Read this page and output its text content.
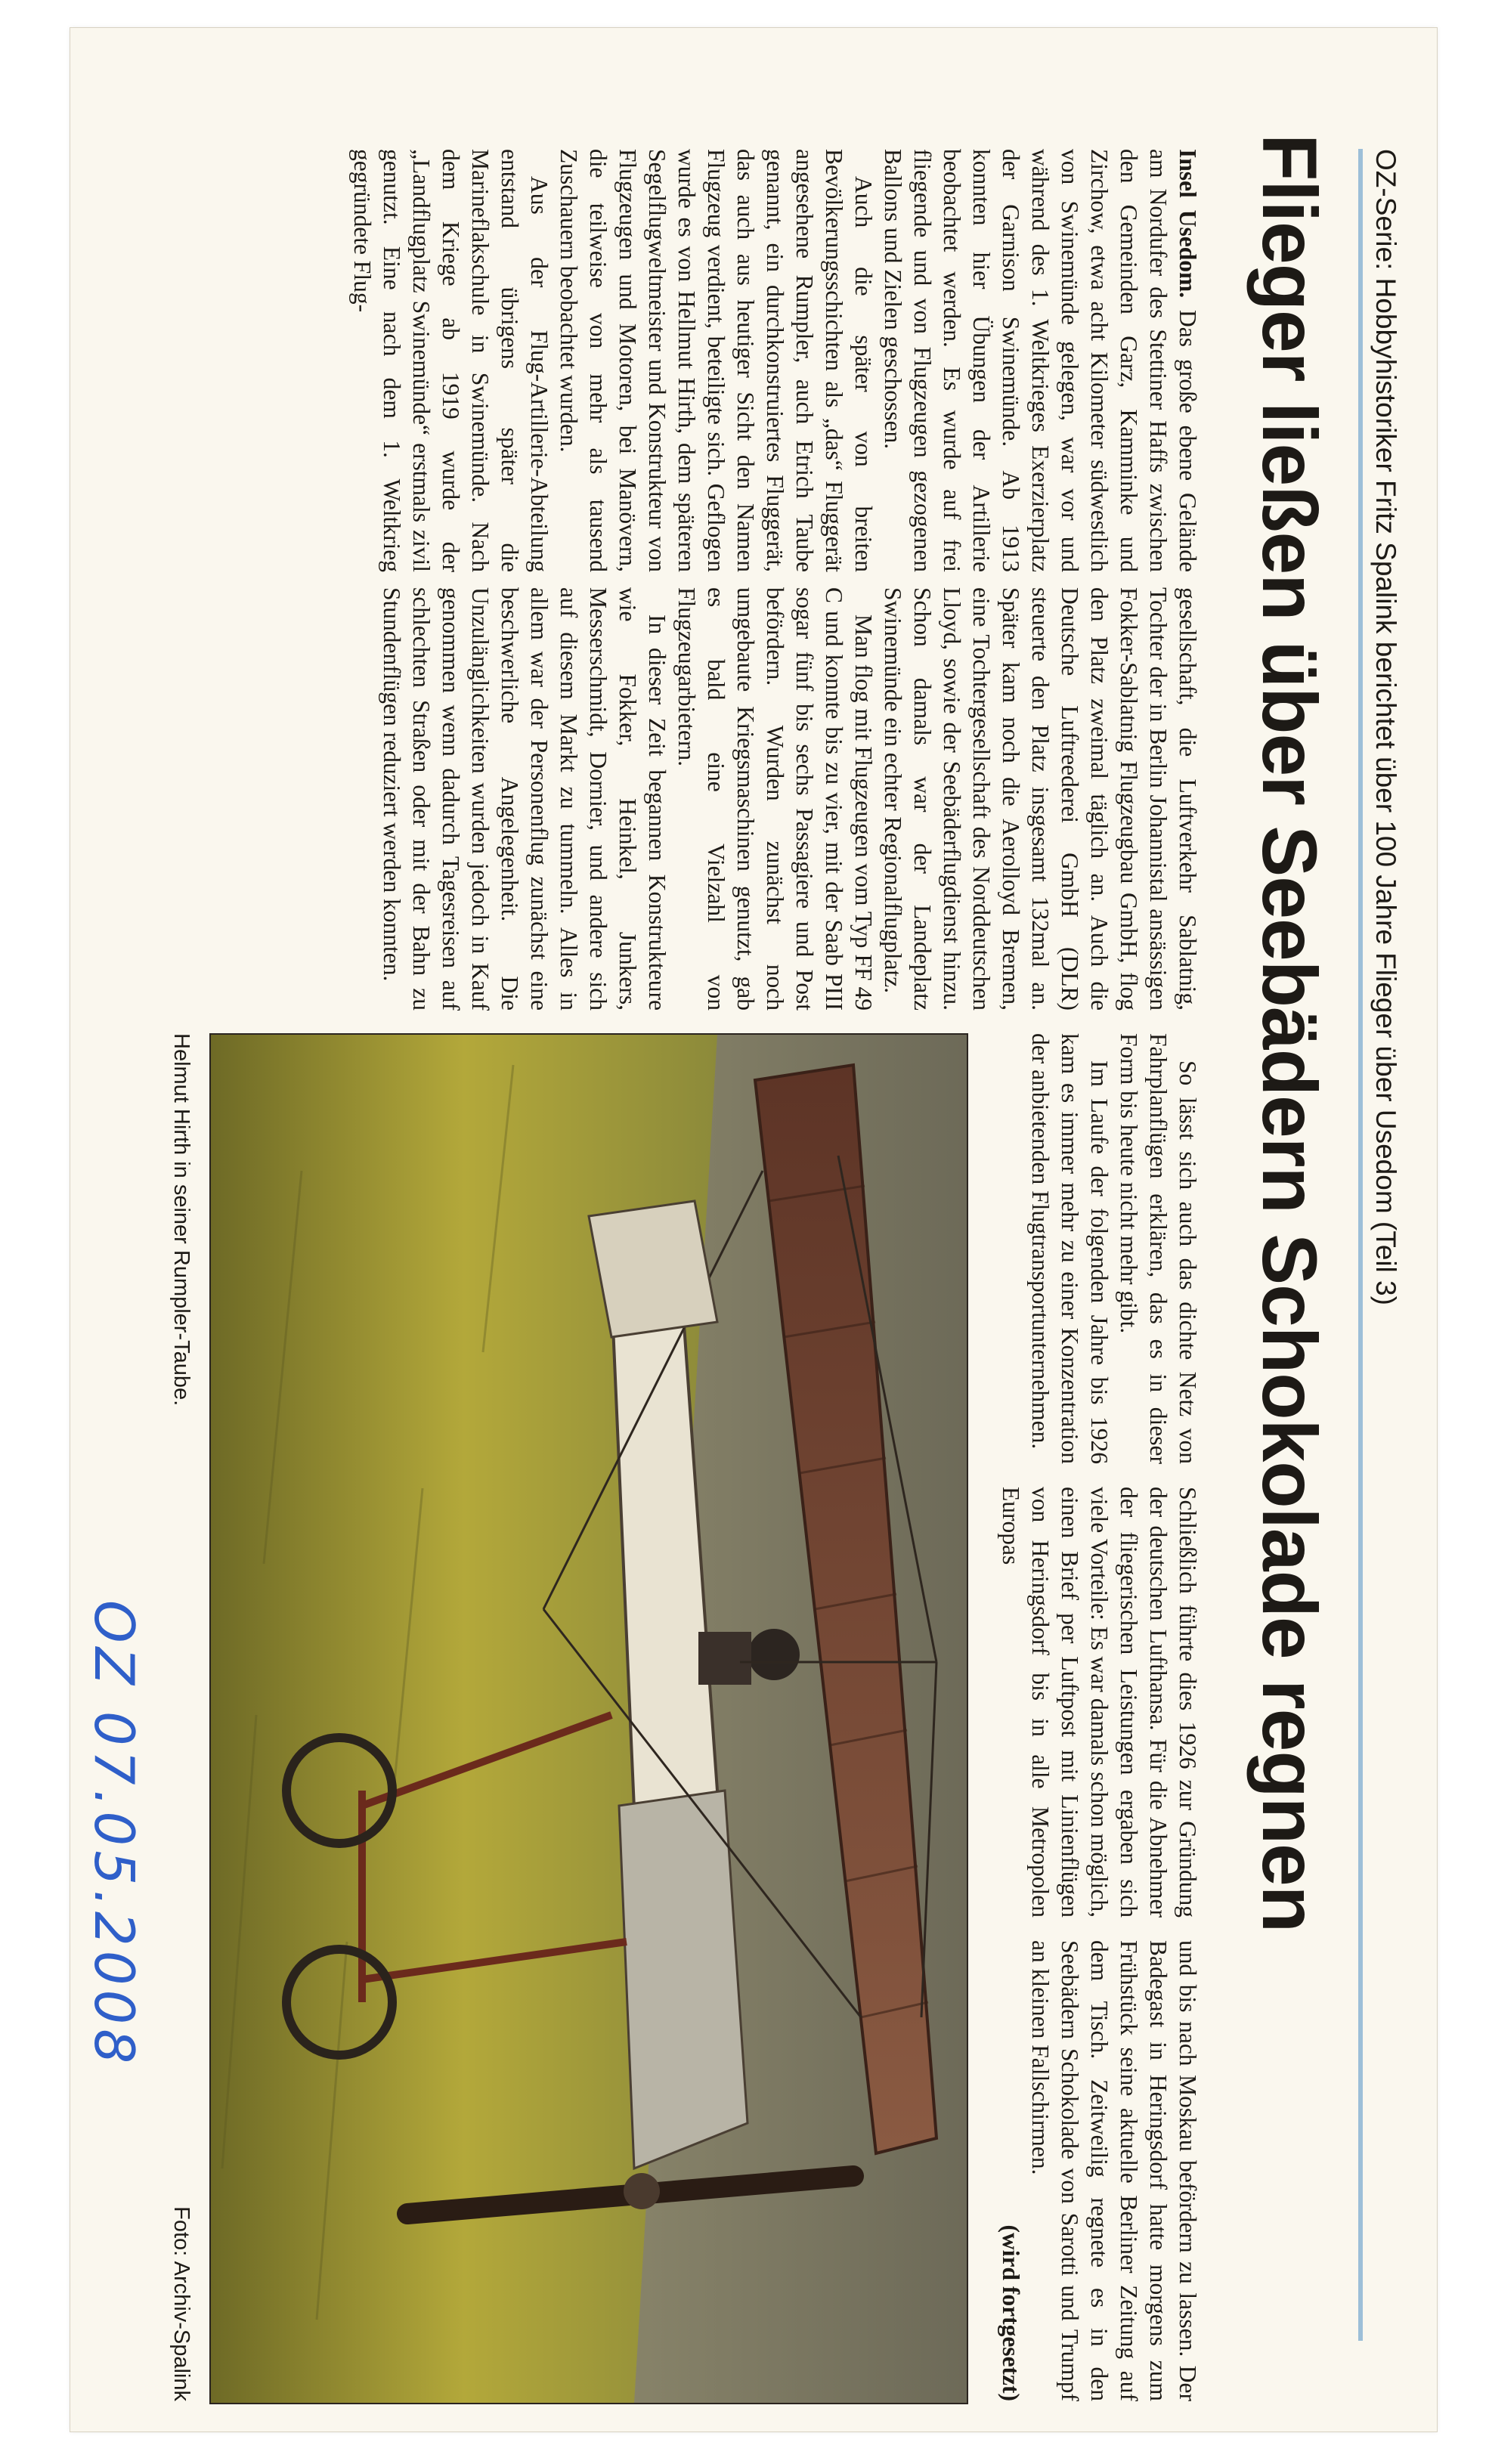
OZ-Serie: Hobbyhistoriker Fritz Spalink berichtet über 100 Jahre Flieger über Usedom (Teil 3)
Flieger ließen über Seebädern Schokolade regnen

Insel Usedom. Das große ebene Gelände am Nordufer des Stettiner Haffs zwischen den Gemeinden Garz, Kamminke und Zirchow, etwa acht Kilometer südwestlich von Swinemünde gelegen, war vor und während des 1. Weltkrieges Exerzierplatz der Garnison Swinemünde. Ab 1913 konnten hier Übungen der Artillerie beobachtet werden. Es wurde auf frei fliegende und von Flugzeugen gezogenen Ballons und Zielen geschossen.

Auch die später von breiten Bevölkerungsschichten als „das“ Fluggerät angesehene Rumpler, auch Etrich Taube genannt, ein durchkonstruiertes Fluggerät, das auch aus heutiger Sicht den Namen Flugzeug verdient, beteiligte sich. Geflogen wurde es von Hellmut Hirth, dem späteren Segelflugweltmeister und Konstrukteur von Flugzeugen und Motoren, bei Manövern, die teilweise von mehr als tausend Zuschauern beobachtet wurden.

Aus der Flug-Artillerie-Abteilung entstand übrigens später die Marineflakschule in Swinemünde. Nach dem Kriege ab 1919 wurde der „Landflugplatz Swinemünde“ erstmals zivil genutzt. Eine nach dem 1. Weltkrieg gegründete Flug-

gesellschaft, die Luftverkehr Sablatnig, Tochter der in Berlin Johannistal ansässigen Fokker-Sablatnig Flugzeugbau GmbH, flog den Platz zweimal täglich an. Auch die Deutsche Luftreederei GmbH (DLR) steuerte den Platz insgesamt 132mal an. Später kam noch die Aerolloyd Bremen, eine Tochtergesellschaft des Norddeutschen Lloyd, sowie der Seebäderflugdienst hinzu. Schon damals war der Landeplatz Swinemünde ein echter Regionalflugplatz.

Man flog mit Flugzeugen vom Typ FF 49 C und konnte bis zu vier, mit der Saab PIII sogar fünf bis sechs Passagiere und Post befördern. Wurden zunächst noch umgebaute Kriegsmaschinen genutzt, gab es bald eine Vielzahl von Flugzeugarbietern.

In dieser Zeit begannen Konstrukteure wie Fokker, Heinkel, Junkers, Messerschmidt, Dornier, und andere sich auf diesem Markt zu tummeln. Alles in allem war der Personenflug zunächst eine beschwerliche Angelegenheit. Die Unzulänglichkeiten wurden jedoch in Kauf genommen wenn dadurch Tagesreisen auf schlechten Straßen oder mit der Bahn zu Stundenflügen reduziert werden konnten.

So lässt sich auch das dichte Netz von Fahrplanflügen erklären, das es in dieser Form bis heute nicht mehr gibt.

Im Laufe der folgenden Jahre bis 1926 kam es immer mehr zu einer Konzentration der anbietenden Flugtransportunternehmen.

Schließlich führte dies 1926 zur Gründung der deutschen Lufthansa. Für die Abnehmer der fliegerischen Leistungen ergaben sich viele Vorteile: Es war damals schon möglich, einen Brief per Luftpost mit Linienflügen von Heringsdorf bis in alle Metropolen Europas

und bis nach Moskau befördern zu lassen. Der Badegast in Heringsdorf hatte morgens zum Frühstück seine aktuelle Berliner Zeitung auf dem Tisch. Zeitweilig regnete es in den Seebädern Schokolade von Sarotti und Trumpf an kleinen Fallschirmen.

(wird fortgesetzt)

Helmut Hirth in seiner Rumpler-Taube.
Foto: Archiv-Spalink
OZ 07.05.2008
